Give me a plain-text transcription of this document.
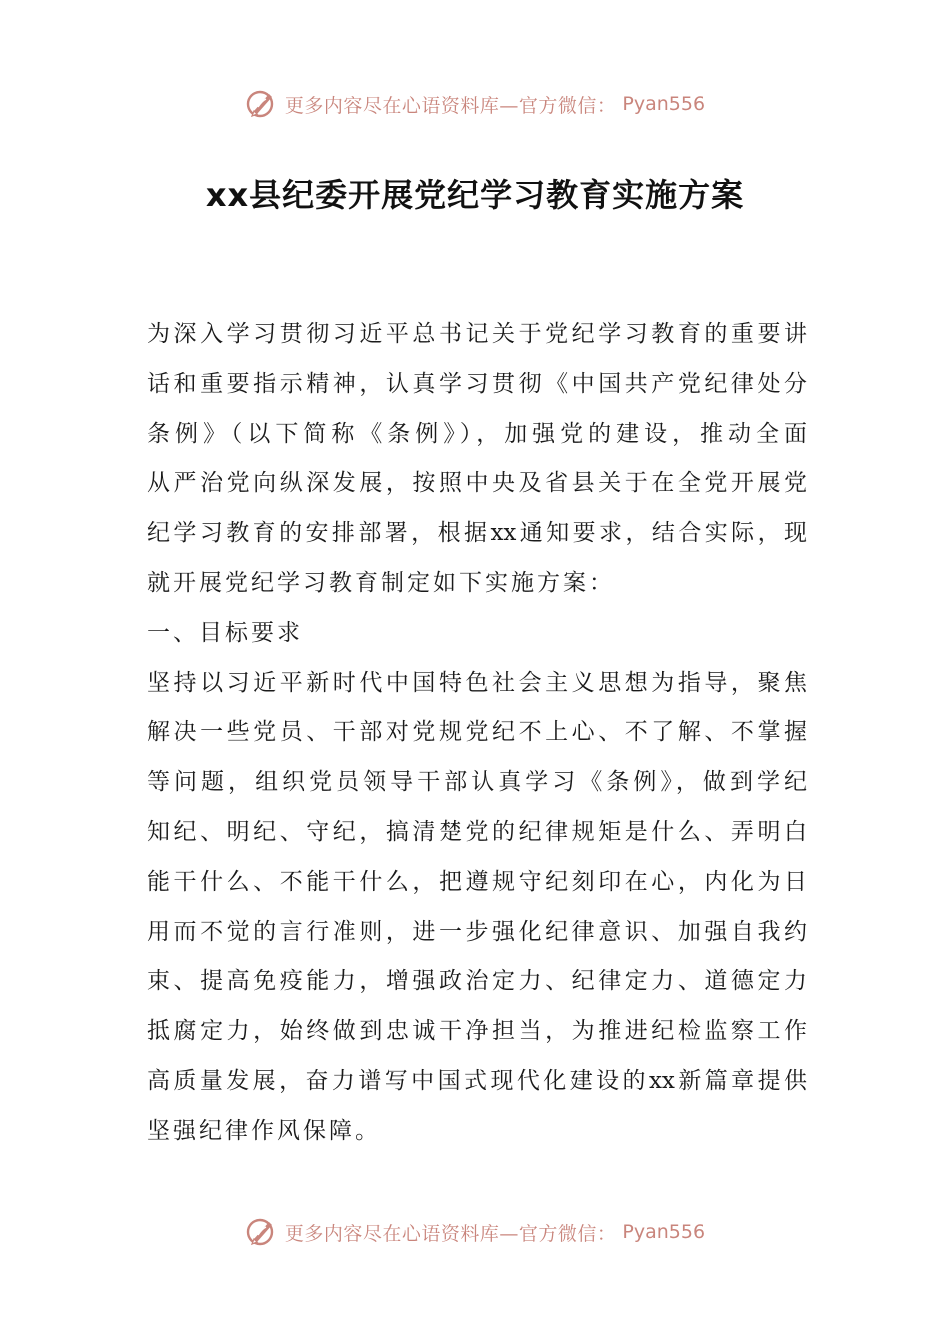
更多内容尽在心语资料库—官方微信： Pyan556
xx县纪委开展党纪学习教育实施方案
为深入学习贯彻习近平总书记关于党纪学习教育的重要讲
话和重要指示精神，认真学习贯彻《中国共产党纪律处分
条例》（以下简称《条例》），加强党的建设，推动全面
从严治党向纵深发展，按照中央及省县关于在全党开展党
纪学习教育的安排部署，根据xx通知要求，结合实际，现
就开展党纪学习教育制定如下实施方案：
一、目标要求
坚持以习近平新时代中国特色社会主义思想为指导，聚焦
解决一些党员、干部对党规党纪不上心、不了解、不掌握
等问题，组织党员领导干部认真学习《条例》，做到学纪
知纪、明纪、守纪，搞清楚党的纪律规矩是什么、弄明白
能干什么、不能干什么，把遵规守纪刻印在心，内化为日
用而不觉的言行准则，进一步强化纪律意识、加强自我约
束、提高免疫能力，增强政治定力、纪律定力、道德定力
抵腐定力，始终做到忠诚干净担当，为推进纪检监察工作
高质量发展，奋力谱写中国式现代化建设的xx新篇章提供
坚强纪律作风保障。
更多内容尽在心语资料库—官方微信： Pyan556
